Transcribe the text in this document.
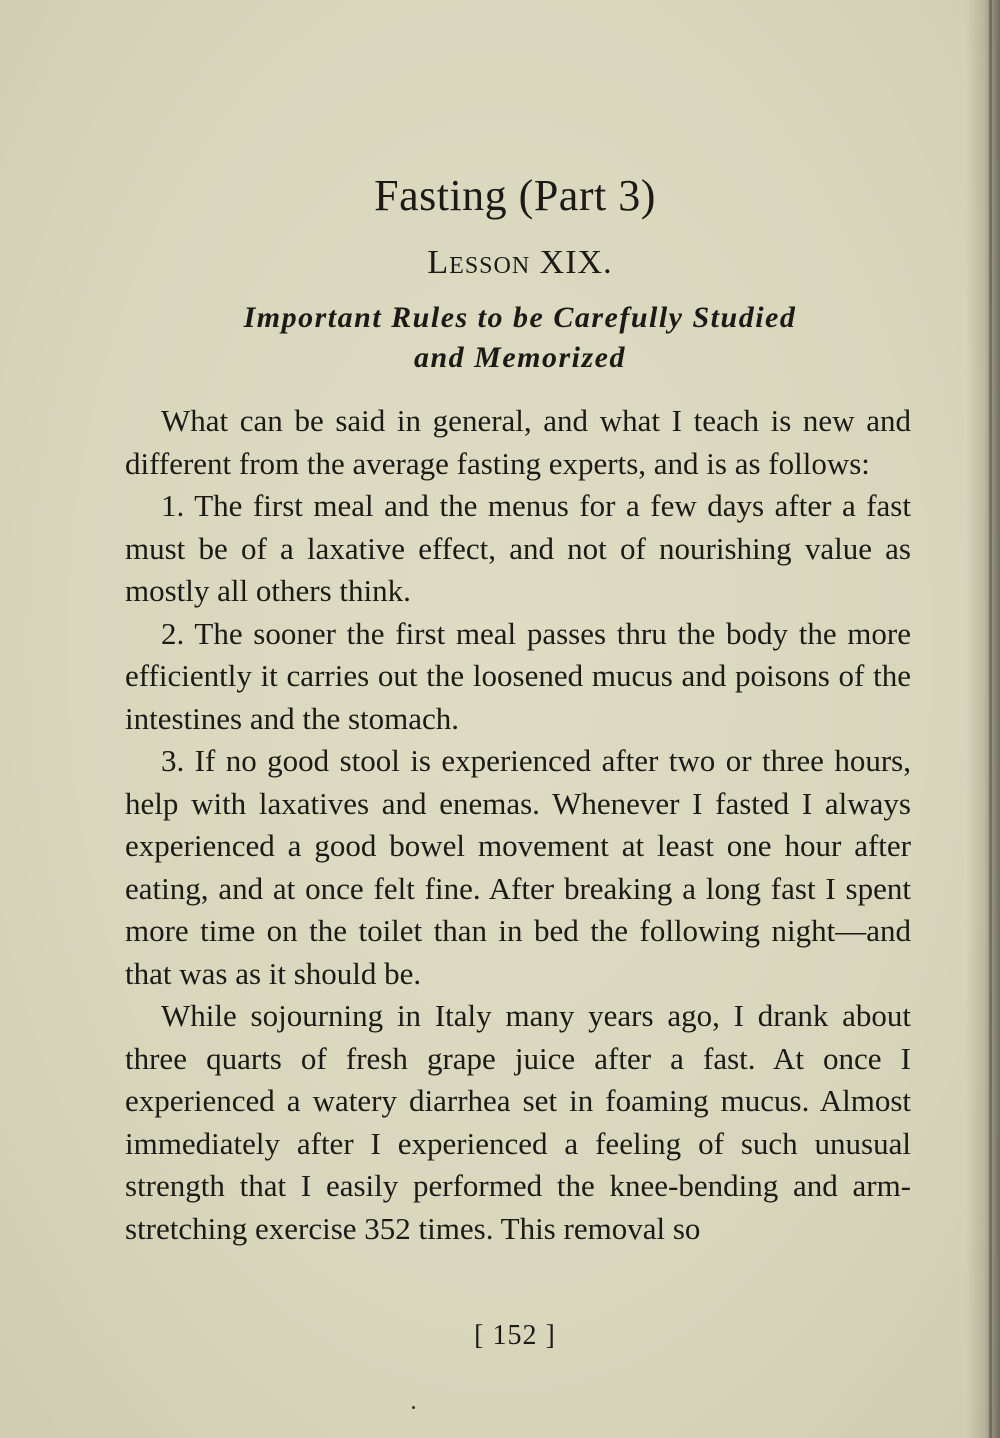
Fasting (Part 3)
Lesson XIX.
Important Rules to be Carefully Studied
and Memorized

What can be said in general, and what I teach is new and different from the average fasting experts, and is as follows:

1. The first meal and the menus for a few days after a fast must be of a laxative effect, and not of nourishing value as mostly all others think.

2. The sooner the first meal passes thru the body the more efficiently it carries out the loosened mucus and poisons of the intestines and the stomach.

3. If no good stool is experienced after two or three hours, help with laxatives and enemas. Whenever I fasted I always experienced a good bowel movement at least one hour after eating, and at once felt fine. After breaking a long fast I spent more time on the toilet than in bed the following night—and that was as it should be.

While sojourning in Italy many years ago, I drank about three quarts of fresh grape juice after a fast. At once I experienced a watery diarrhea set in foaming mucus. Almost immediately after I experienced a feeling of such unusual strength that I easily performed the knee-bending and arm-stretching exercise 352 times. This removal so

[ 152 ]
